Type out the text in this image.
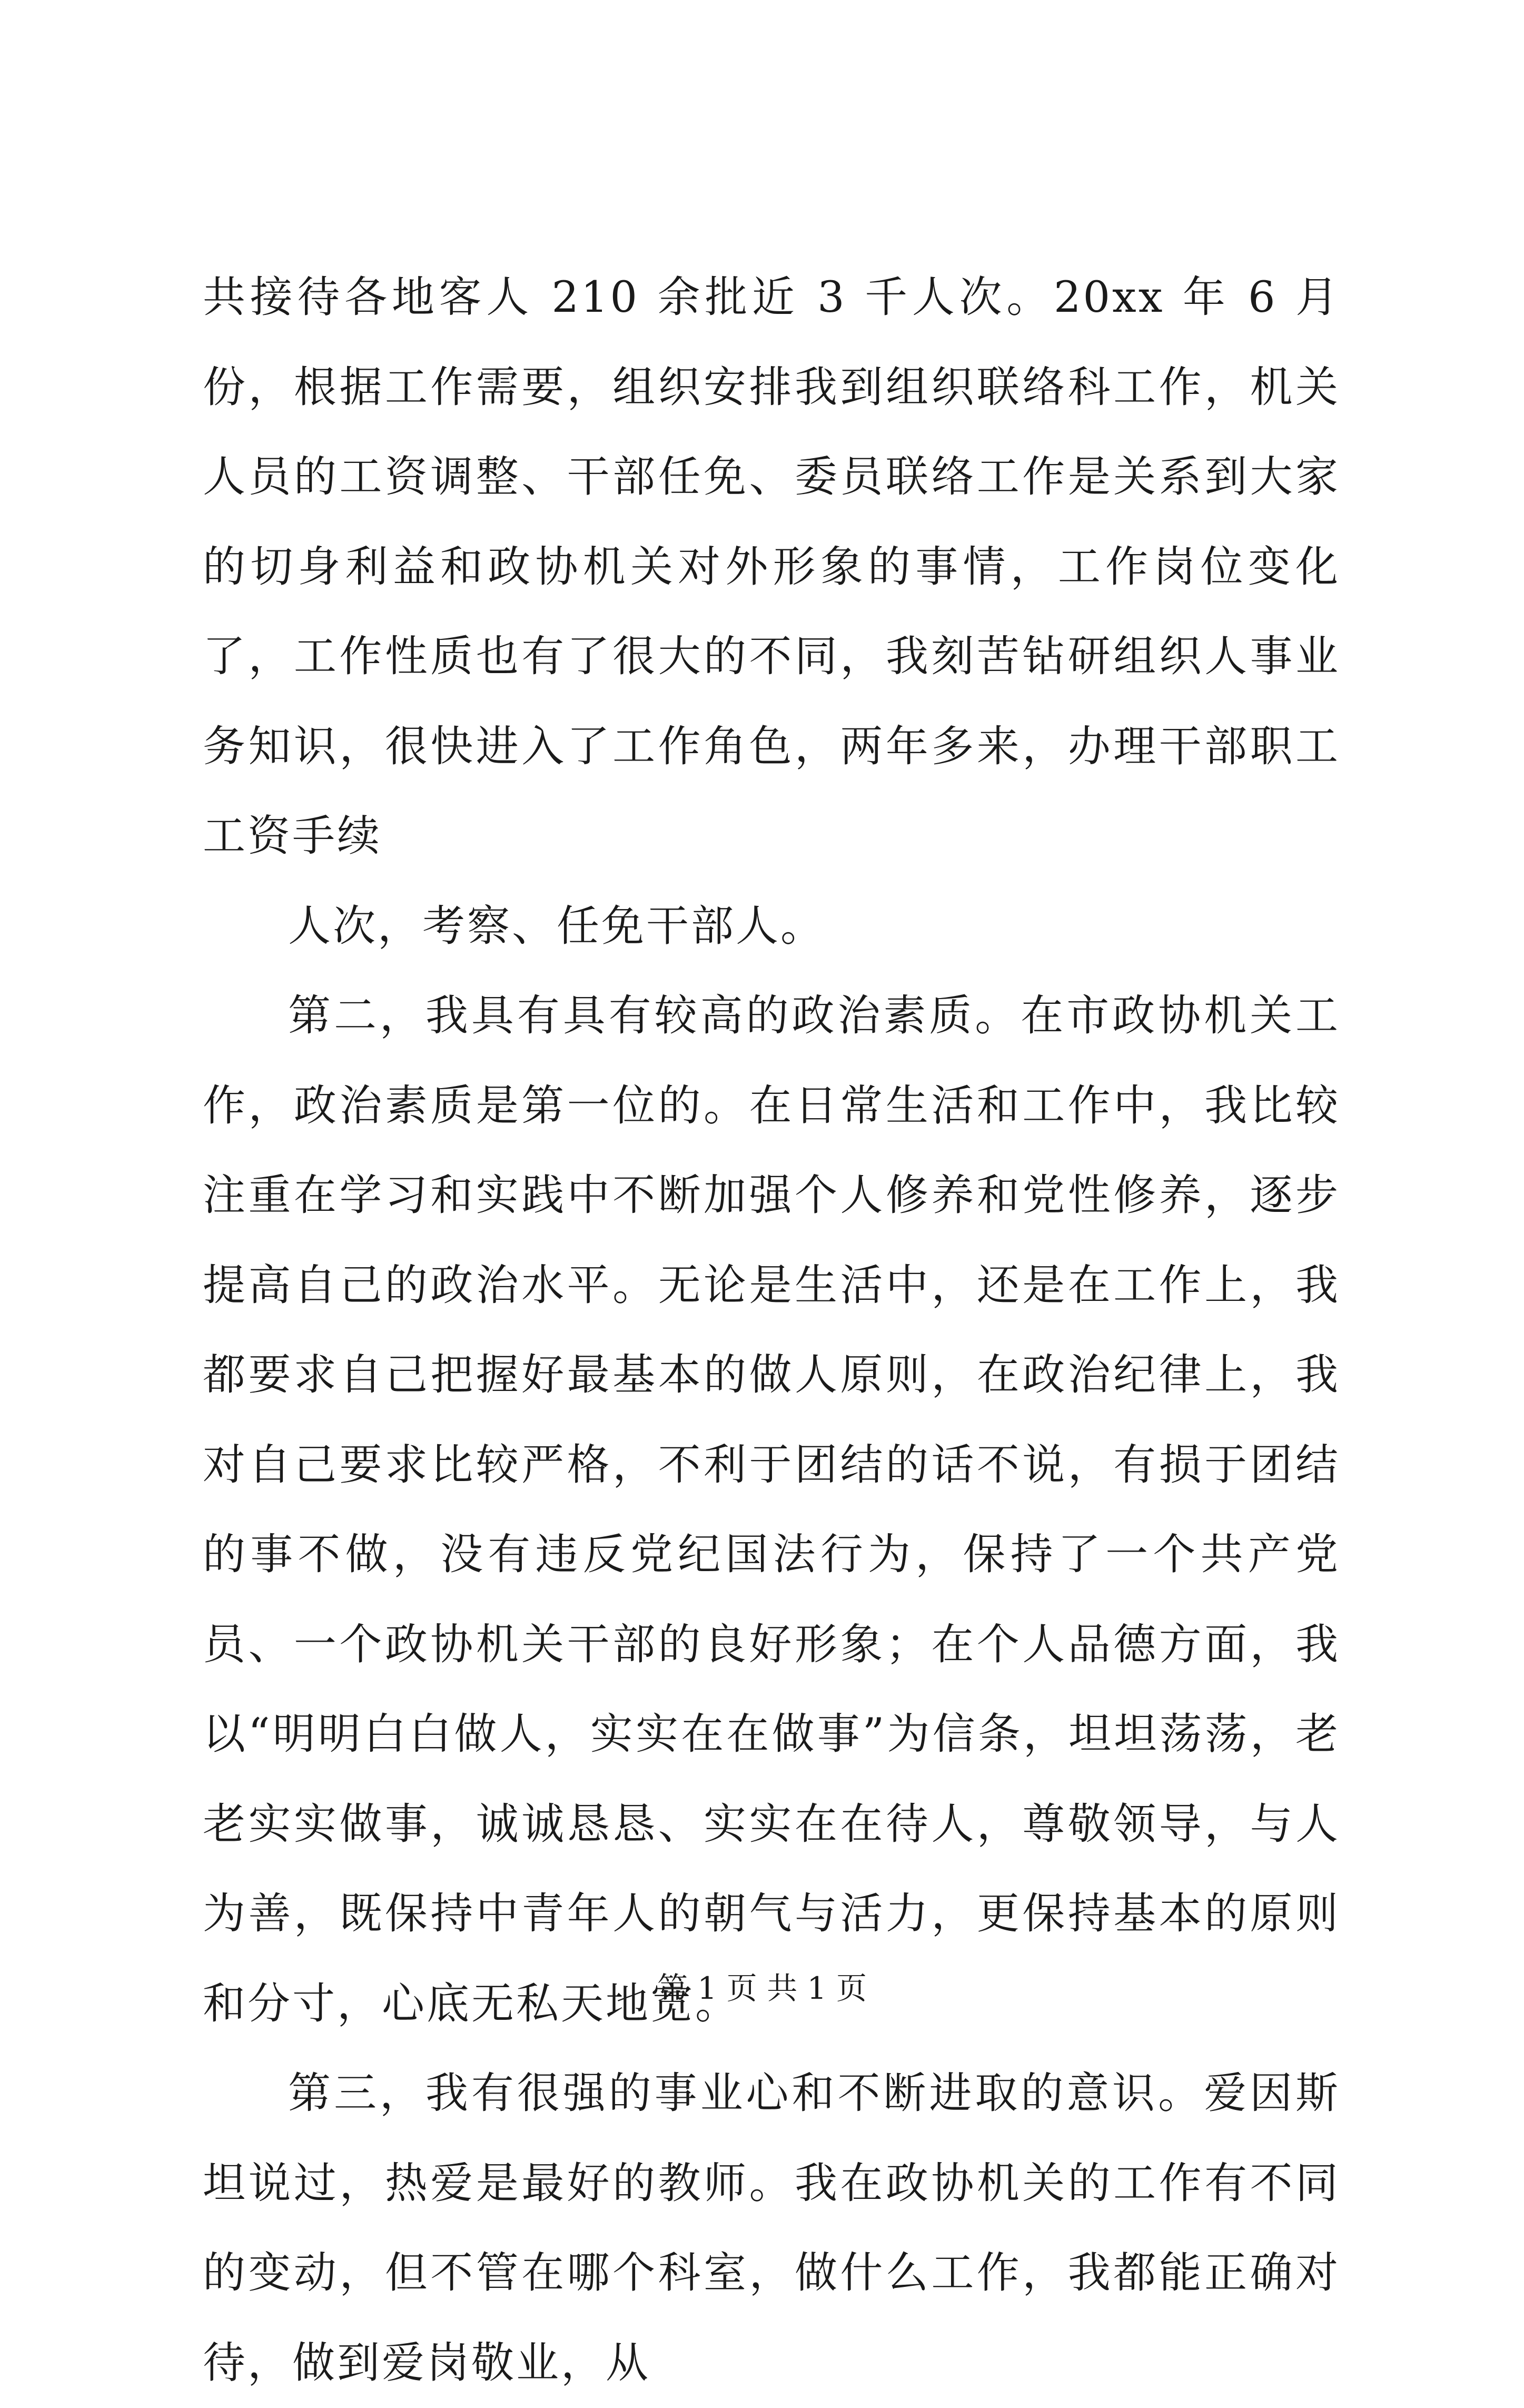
共接待各地客人 210 余批近 3 千人次。20xx 年 6 月份，根据工作需要，组织安排我到组织联络科工作，机关人员的工资调整、干部任免、委员联络工作是关系到大家的切身利益和政协机关对外形象的事情，工作岗位变化了，工作性质也有了很大的不同，我刻苦钻研组织人事业务知识，很快进入了工作角色，两年多来，办理干部职工工资手续

人次，考察、任免干部人。

第二，我具有具有较高的政治素质。在市政协机关工作，政治素质是第一位的。在日常生活和工作中，我比较注重在学习和实践中不断加强个人修养和党性修养，逐步提高自己的政治水平。无论是生活中，还是在工作上，我都要求自己把握好最基本的做人原则，在政治纪律上，我对自己要求比较严格，不利于团结的话不说，有损于团结的事不做，没有违反党纪国法行为，保持了一个共产党员、一个政协机关干部的良好形象；在个人品德方面，我以“明明白白做人，实实在在做事”为信条，坦坦荡荡，老老实实做事，诚诚恳恳、实实在在待人，尊敬领导，与人为善，既保持中青年人的朝气与活力，更保持基本的原则和分寸，心底无私天地宽。

第三，我有很强的事业心和不断进取的意识。爱因斯坦说过，热爱是最好的教师。我在政协机关的工作有不同的变动，但不管在哪个科室，做什么工作，我都能正确对待，做到爱岗敬业，从

第 1 页 共 1 页
